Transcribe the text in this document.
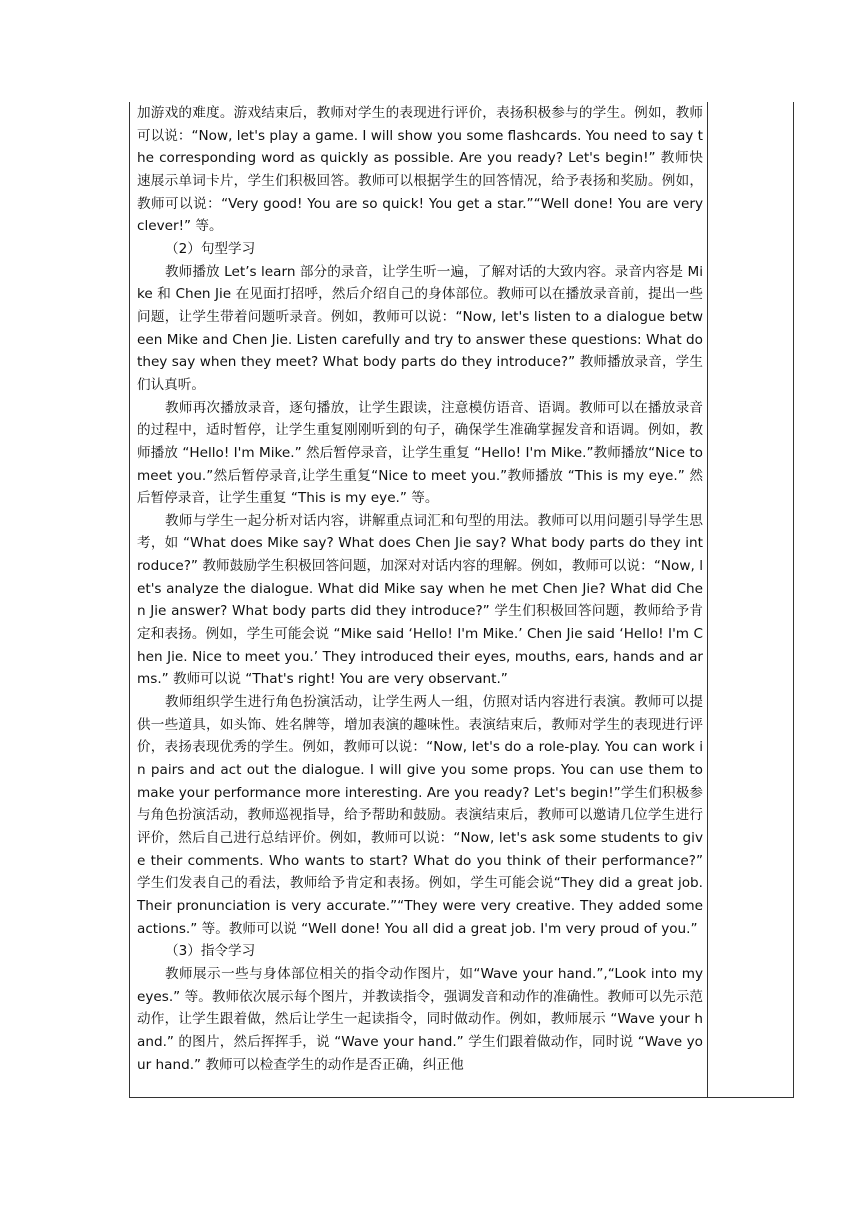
加游戏的难度。游戏结束后，教师对学生的表现进行评价，表扬积极参与的学生。例如，教师可以说：“Now, let's play a game. I will show you some flashcards. You need to say the corresponding word as quickly as possible. Are you ready? Let's begin!” 教师快速展示单词卡片，学生们积极回答。教师可以根据学生的回答情况，给予表扬和奖励。例如，教师可以说：“Very good! You are so quick! You get a star.”“Well done! You are very clever!” 等。

（2）句型学习

教师播放 Let’s learn 部分的录音，让学生听一遍，了解对话的大致内容。录音内容是 Mike 和 Chen Jie 在见面打招呼，然后介绍自己的身体部位。教师可以在播放录音前，提出一些问题，让学生带着问题听录音。例如，教师可以说：“Now, let's listen to a dialogue between Mike and Chen Jie. Listen carefully and try to answer these questions: What do they say when they meet? What body parts do they introduce?” 教师播放录音，学生们认真听。

教师再次播放录音，逐句播放，让学生跟读，注意模仿语音、语调。教师可以在播放录音的过程中，适时暂停，让学生重复刚刚听到的句子，确保学生准确掌握发音和语调。例如，教师播放 “Hello! I'm Mike.” 然后暂停录音，让学生重复 “Hello! I'm Mike.”教师播放“Nice to meet you.”然后暂停录音,让学生重复“Nice to meet you.”教师播放 “This is my eye.” 然后暂停录音，让学生重复 “This is my eye.” 等。

教师与学生一起分析对话内容，讲解重点词汇和句型的用法。教师可以用问题引导学生思考，如 “What does Mike say? What does Chen Jie say? What body parts do they introduce?” 教师鼓励学生积极回答问题，加深对对话内容的理解。例如，教师可以说：“Now, let's analyze the dialogue. What did Mike say when he met Chen Jie? What did Chen Jie answer? What body parts did they introduce?” 学生们积极回答问题，教师给予肯定和表扬。例如，学生可能会说 “Mike said ‘Hello! I'm Mike.’ Chen Jie said ‘Hello! I'm Chen Jie. Nice to meet you.’ They introduced their eyes, mouths, ears, hands and arms.” 教师可以说 “That's right! You are very observant.”

教师组织学生进行角色扮演活动，让学生两人一组，仿照对话内容进行表演。教师可以提供一些道具，如头饰、姓名牌等，增加表演的趣味性。表演结束后，教师对学生的表现进行评价，表扬表现优秀的学生。例如，教师可以说：“Now, let's do a role-play. You can work in pairs and act out the dialogue. I will give you some props. You can use them to make your performance more interesting. Are you ready? Let's begin!”学生们积极参与角色扮演活动，教师巡视指导，给予帮助和鼓励。表演结束后，教师可以邀请几位学生进行评价，然后自己进行总结评价。例如，教师可以说：“Now, let's ask some students to give their comments. Who wants to start? What do you think of their performance?” 学生们发表自己的看法，教师给予肯定和表扬。例如，学生可能会说“They did a great job. Their pronunciation is very accurate.”“They were very creative. They added some actions.” 等。教师可以说 “Well done! You all did a great job. I'm very proud of you.”

（3）指令学习

教师展示一些与身体部位相关的指令动作图片，如“Wave your hand.”,“Look into my eyes.” 等。教师依次展示每个图片，并教读指令，强调发音和动作的准确性。教师可以先示范动作，让学生跟着做，然后让学生一起读指令，同时做动作。例如，教师展示 “Wave your hand.” 的图片，然后挥挥手，说 “Wave your hand.” 学生们跟着做动作，同时说 “Wave your hand.” 教师可以检查学生的动作是否正确，纠正他
